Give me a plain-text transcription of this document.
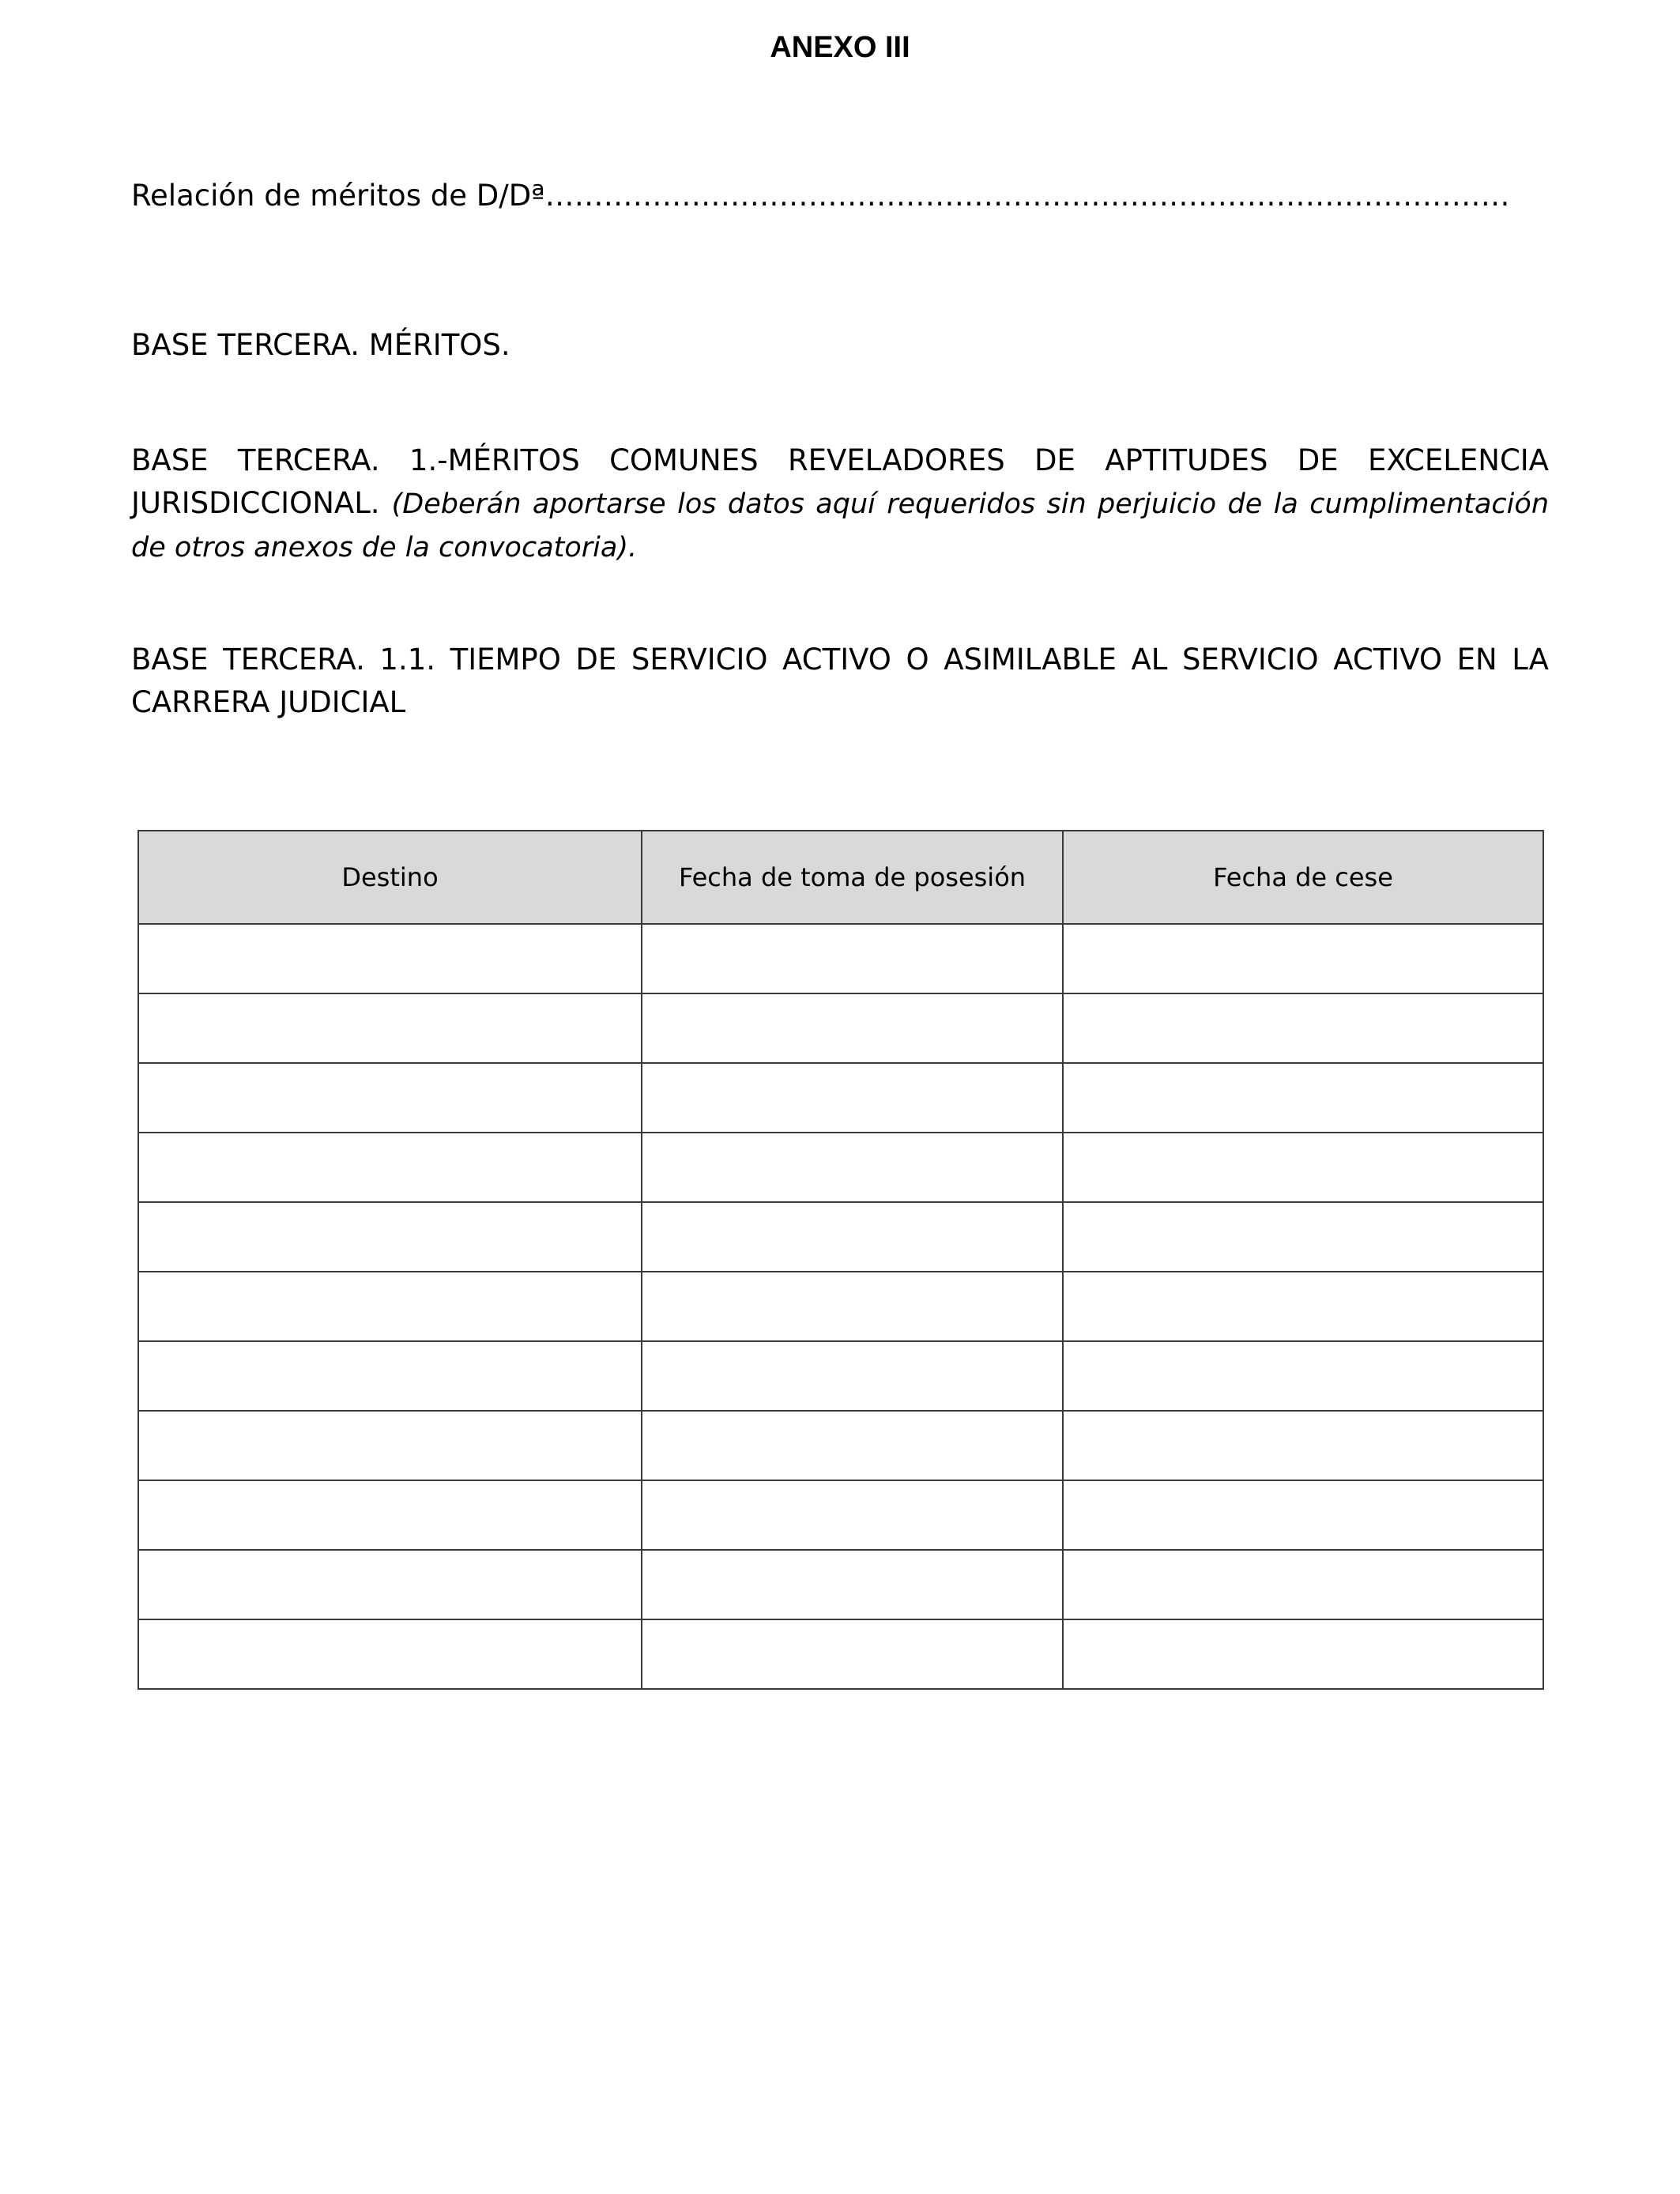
ANEXO III
Relación de méritos de D/Dª………………………………………………………………………………………
BASE TERCERA. MÉRITOS.
BASE TERCERA. 1.-MÉRITOS COMUNES REVELADORES DE APTITUDES DE EXCELENCIA JURISDICCIONAL. (Deberán aportarse los datos aquí requeridos sin perjuicio de la cumplimentación de otros anexos de la convocatoria).
BASE TERCERA. 1.1. TIEMPO DE SERVICIO ACTIVO O ASIMILABLE AL SERVICIO ACTIVO EN LA CARRERA JUDICIAL
Destino	Fecha de toma de posesión	Fecha de cese
